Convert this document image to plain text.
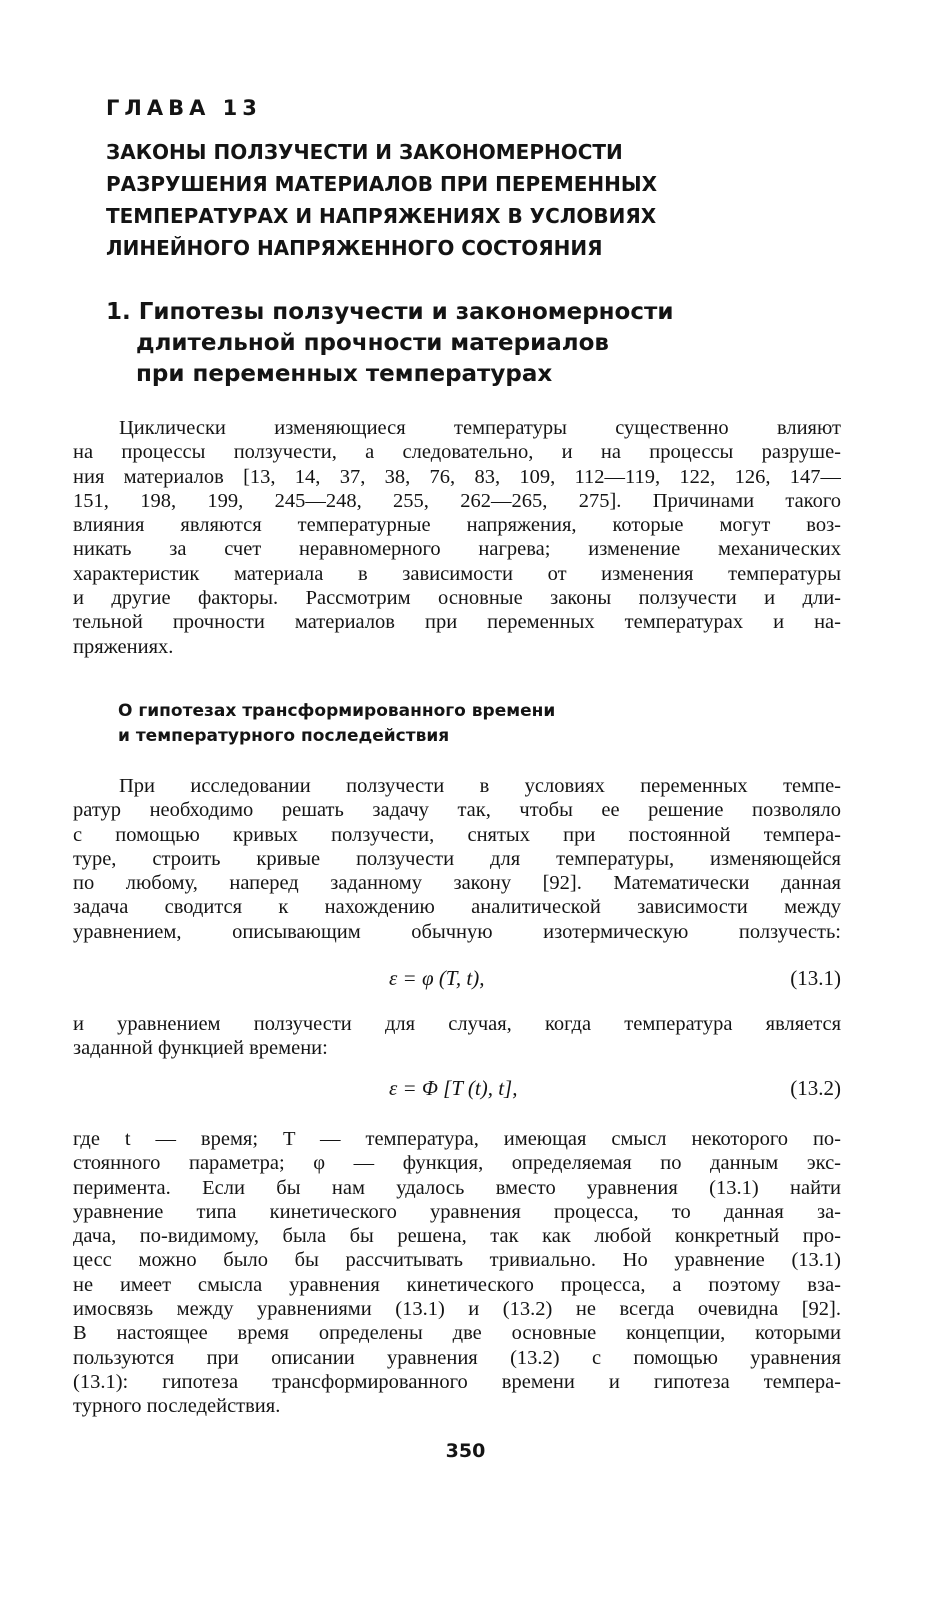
ГЛАВА 13
ЗАКОНЫ ПОЛЗУЧЕСТИ И ЗАКОНОМЕРНОСТИ
РАЗРУШЕНИЯ МАТЕРИАЛОВ ПРИ ПЕРЕМЕННЫХ
ТЕМПЕРАТУРАХ И НАПРЯЖЕНИЯХ В УСЛОВИЯХ
ЛИНЕЙНОГО НАПРЯЖЕННОГО СОСТОЯНИЯ
1. Гипотезы ползучести и закономерности
длительной прочности материалов
при переменных температурах
Циклически изменяющиеся температуры существенно влияют
на процессы ползучести, а следовательно, и на процессы разруше-
ния материалов [13, 14, 37, 38, 76, 83, 109, 112—119, 122, 126, 147—
151, 198, 199, 245—248, 255, 262—265, 275]. Причинами такого
влияния являются температурные напряжения, которые могут воз-
никать за счет неравномерного нагрева; изменение механических
характеристик материала в зависимости от изменения температуры
и другие факторы. Рассмотрим основные законы ползучести и дли-
тельной прочности материалов при переменных температурах и на-
пряжениях.
О гипотезах трансформированного времени
и температурного последействия
При исследовании ползучести в условиях переменных темпе-
ратур необходимо решать задачу так, чтобы ее решение позволяло
с помощью кривых ползучести, снятых при постоянной темпера-
туре, строить кривые ползучести для температуры, изменяющейся
по любому, наперед заданному закону [92]. Математически данная
задача сводится к нахождению аналитической зависимости между
уравнением, описывающим обычную изотермическую ползучесть:
ε = φ (T, t),	(13.1)
и уравнением ползучести для случая, когда температура является
заданной функцией времени:
ε = Φ [T (t), t],	(13.2)
где t — время; T — температура, имеющая смысл некоторого по-
стоянного параметра; φ — функция, определяемая по данным экс-
перимента. Если бы нам удалось вместо уравнения (13.1) найти
уравнение типа кинетического уравнения процесса, то данная за-
дача, по-видимому, была бы решена, так как любой конкретный про-
цесс можно было бы рассчитывать тривиально. Но уравнение (13.1)
не имеет смысла уравнения кинетического процесса, а поэтому вза-
имосвязь между уравнениями (13.1) и (13.2) не всегда очевидна [92].
В настоящее время определены две основные концепции, которыми
пользуются при описании уравнения (13.2) с помощью уравнения
(13.1): гипотеза трансформированного времени и гипотеза темпера-
турного последействия.
350
